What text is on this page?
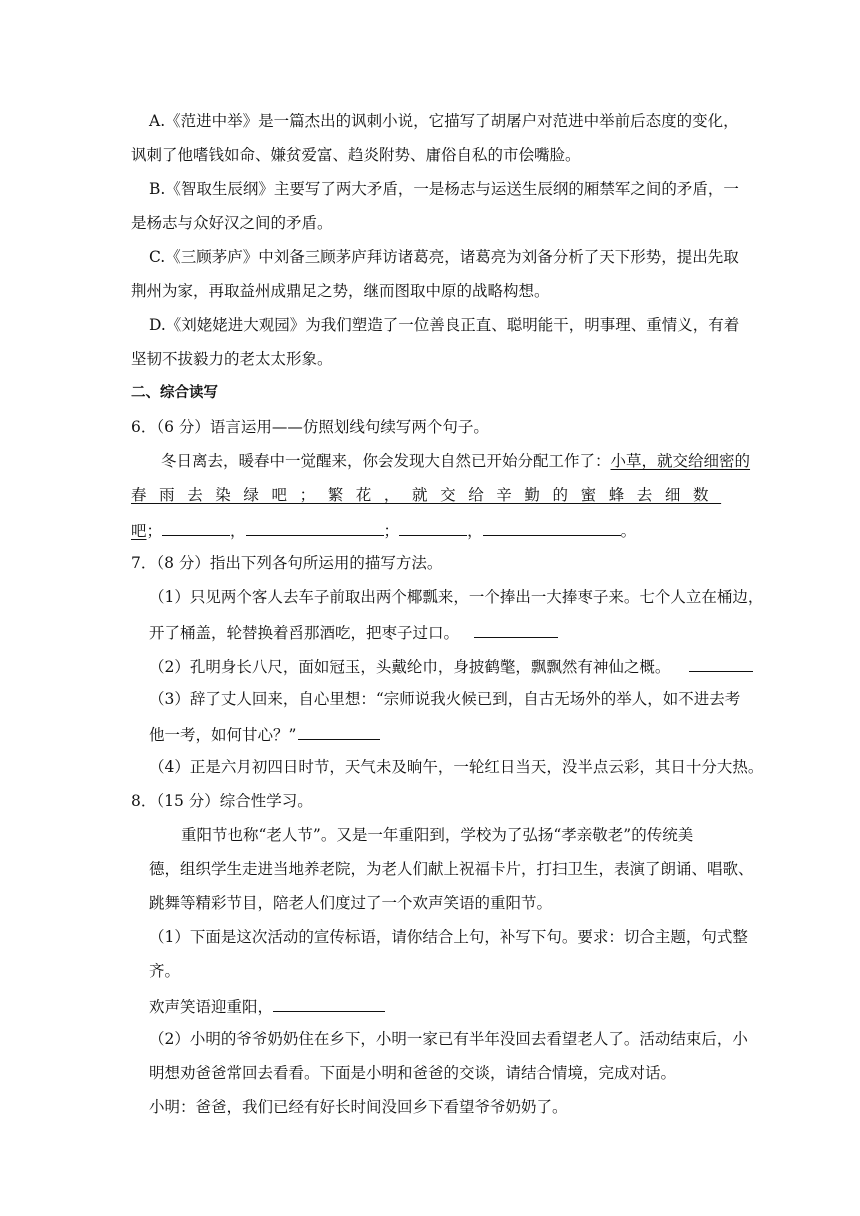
A.《范进中举》是一篇杰出的讽刺小说，它描写了胡屠户对范进中举前后态度的变化，
讽刺了他嗜钱如命、嫌贫爱富、趋炎附势、庸俗自私的市侩嘴脸。
B.《智取生辰纲》主要写了两大矛盾，一是杨志与运送生辰纲的厢禁军之间的矛盾，一
是杨志与众好汉之间的矛盾。
C.《三顾茅庐》中刘备三顾茅庐拜访诸葛亮，诸葛亮为刘备分析了天下形势，提出先取
荆州为家，再取益州成鼎足之势，继而图取中原的战略构想。
D.《刘姥姥进大观园》为我们塑造了一位善良正直、聪明能干，明事理、重情义，有着
坚韧不拔毅力的老太太形象。
二、综合读写
6．（6 分）语言运用——仿照划线句续写两个句子。
冬日离去，暖春中一觉醒来，你会发现大自然已开始分配工作了：小草，就交给细密的
春雨去染绿吧；繁花，就交给辛勤的蜜蜂去细数
吧；	，	；	，	。
7．（8 分）指出下列各句所运用的描写方法。
（1）只见两个客人去车子前取出两个椰瓢来，一个捧出一大捧枣子来。七个人立在桶边，
开了桶盖，轮替换着舀那酒吃，把枣子过口。
（2）孔明身长八尺，面如冠玉，头戴纶巾，身披鹤氅，飘飘然有神仙之概。
（3）辞了丈人回来，自心里想：“宗师说我火候已到，自古无场外的举人，如不进去考
他一考，如何甘心？”
（4）正是六月初四日时节，天气未及晌午，一轮红日当天，没半点云彩，其日十分大热。
8．（15 分）综合性学习。
重阳节也称“老人节”。又是一年重阳到，学校为了弘扬“孝亲敬老”的传统美
德，组织学生走进当地养老院，为老人们献上祝福卡片，打扫卫生，表演了朗诵、唱歌、
跳舞等精彩节目，陪老人们度过了一个欢声笑语的重阳节。
（1）下面是这次活动的宣传标语，请你结合上句，补写下句。要求：切合主题，句式整
齐。
欢声笑语迎重阳，
（2）小明的爷爷奶奶住在乡下，小明一家已有半年没回去看望老人了。活动结束后，小
明想劝爸爸常回去看看。下面是小明和爸爸的交谈，请结合情境，完成对话。
小明：爸爸，我们已经有好长时间没回乡下看望爷爷奶奶了。
